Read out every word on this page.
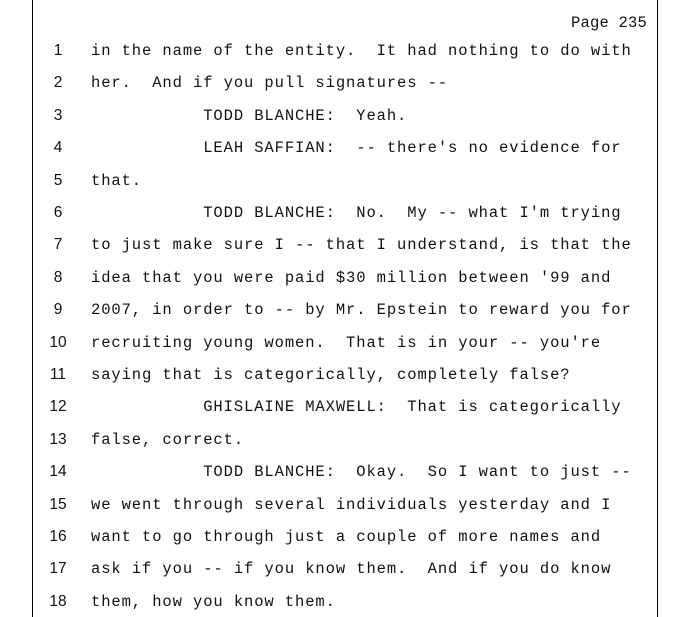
Page 235
1	in the name of the entity.  It had nothing to do with
2	her.  And if you pull signatures --
3	TODD BLANCHE:  Yeah.
4	LEAH SAFFIAN:  -- there's no evidence for
5	that.
6	TODD BLANCHE:  No.  My -- what I'm trying
7	to just make sure I -- that I understand, is that the
8	idea that you were paid $30 million between '99 and
9	2007, in order to -- by Mr. Epstein to reward you for
10 recruiting young women.  That is in your -- you're
11 saying that is categorically, completely false?
12 GHISLAINE MAXWELL:  That is categorically
13 false, correct.
14 TODD BLANCHE:  Okay.  So I want to just --
15 we went through several individuals yesterday and I
16 want to go through just a couple of more names and
17 ask if you -- if you know them.  And if you do know
18 them, how you know them.
